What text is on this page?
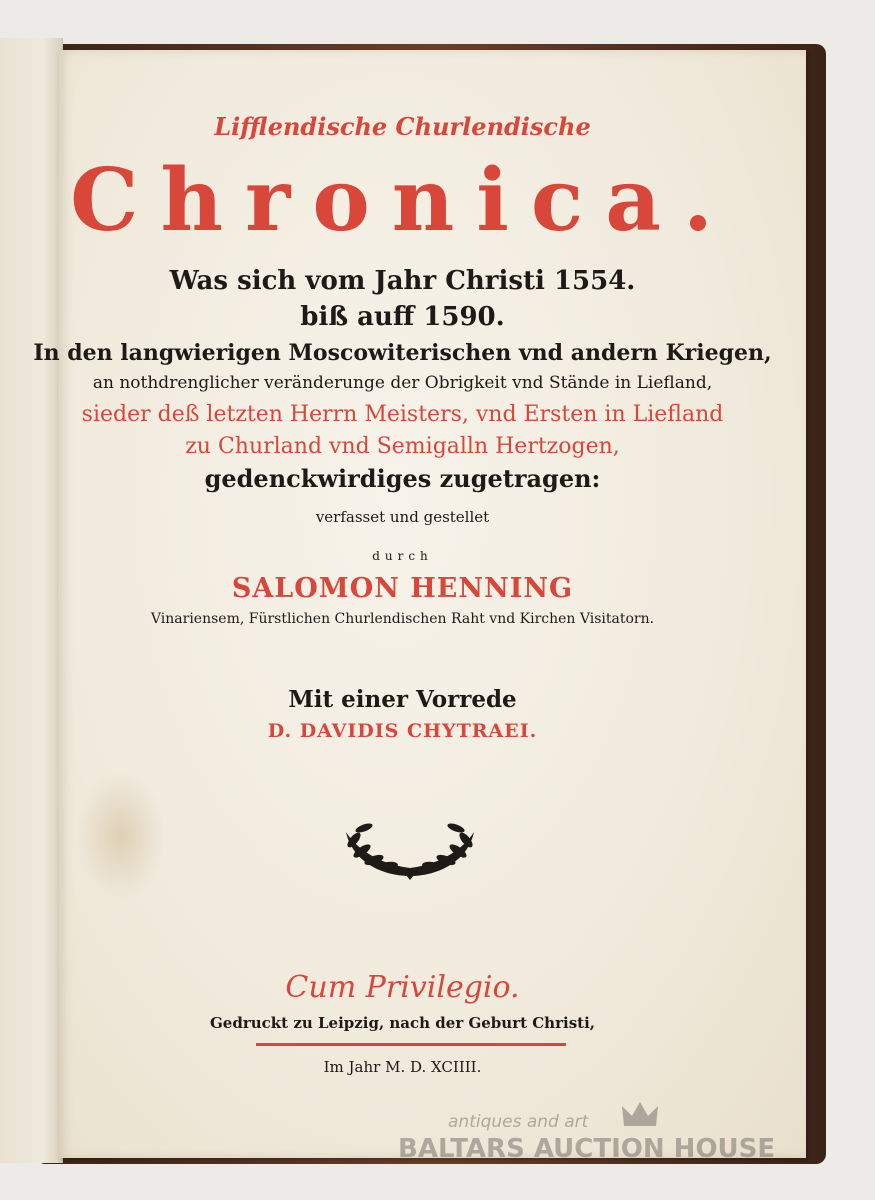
Lifflendische Churlendische
Chronica.
Was sich vom Jahr Christi 1554.
biß auff 1590.
In den langwierigen Moscowiterischen vnd andern Kriegen,
an nothdrenglicher veränderunge der Obrigkeit vnd Stände in Liefland,
sieder deß letzten Herrn Meisters, vnd Ersten in Liefland
zu Churland vnd Semigalln Hertzogen,
gedenckwirdiges zugetragen:
verfasset und gestellet
durch
SALOMON HENNING
Vinariensem, Fürstlichen Churlendischen Raht vnd Kirchen Visitatorn.
Mit einer Vorrede
D. DAVIDIS CHYTRAEI.
Cum Privilegio.
Gedruckt zu Leipzig, nach der Geburt Christi,
Im Jahr M. D. XCIIII.
antiques and art
BALTARS AUCTION HOUSE
